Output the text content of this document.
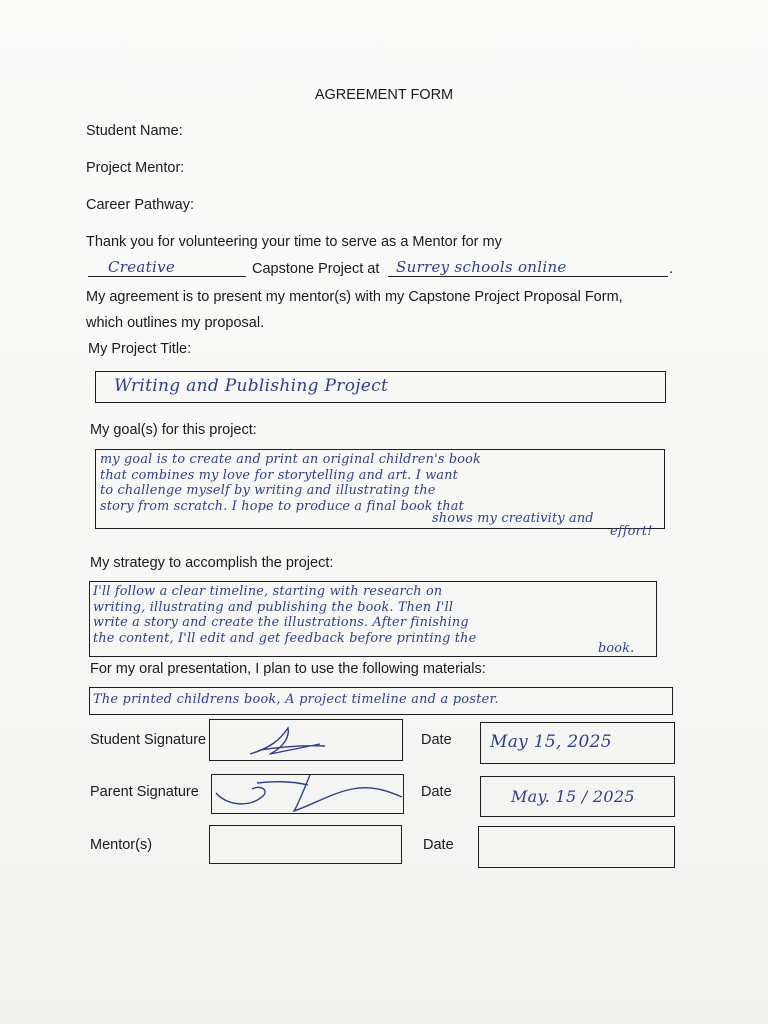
AGREEMENT FORM
Student Name:
Project Mentor:
Career Pathway:
Thank you for volunteering your time to serve as a Mentor for my
Creative	Capstone Project at Surrey schools online	.
My agreement is to present my mentor(s) with my Capstone Project Proposal Form,
which outlines my proposal.
My Project Title:
Writing and Publishing Project
My goal(s) for this project:
my goal is to create and print an original children's book
that combines my love for storytelling and art. I want
to challenge myself by writing and illustrating the
story from scratch. I hope to produce a final book that
shows my creativity and
effort!
My strategy to accomplish the project:
I'll follow a clear timeline, starting with research on
writing, illustrating and publishing the book. Then I'll
write a story and create the illustrations. After finishing
the content, I'll edit and get feedback before printing the
book.
For my oral presentation, I plan to use the following materials:
The printed childrens book, A project timeline and a poster.
Student Signature	Date May 15, 2025
Parent Signature	Date	May. 15 / 2025
Mentor(s)	Date
